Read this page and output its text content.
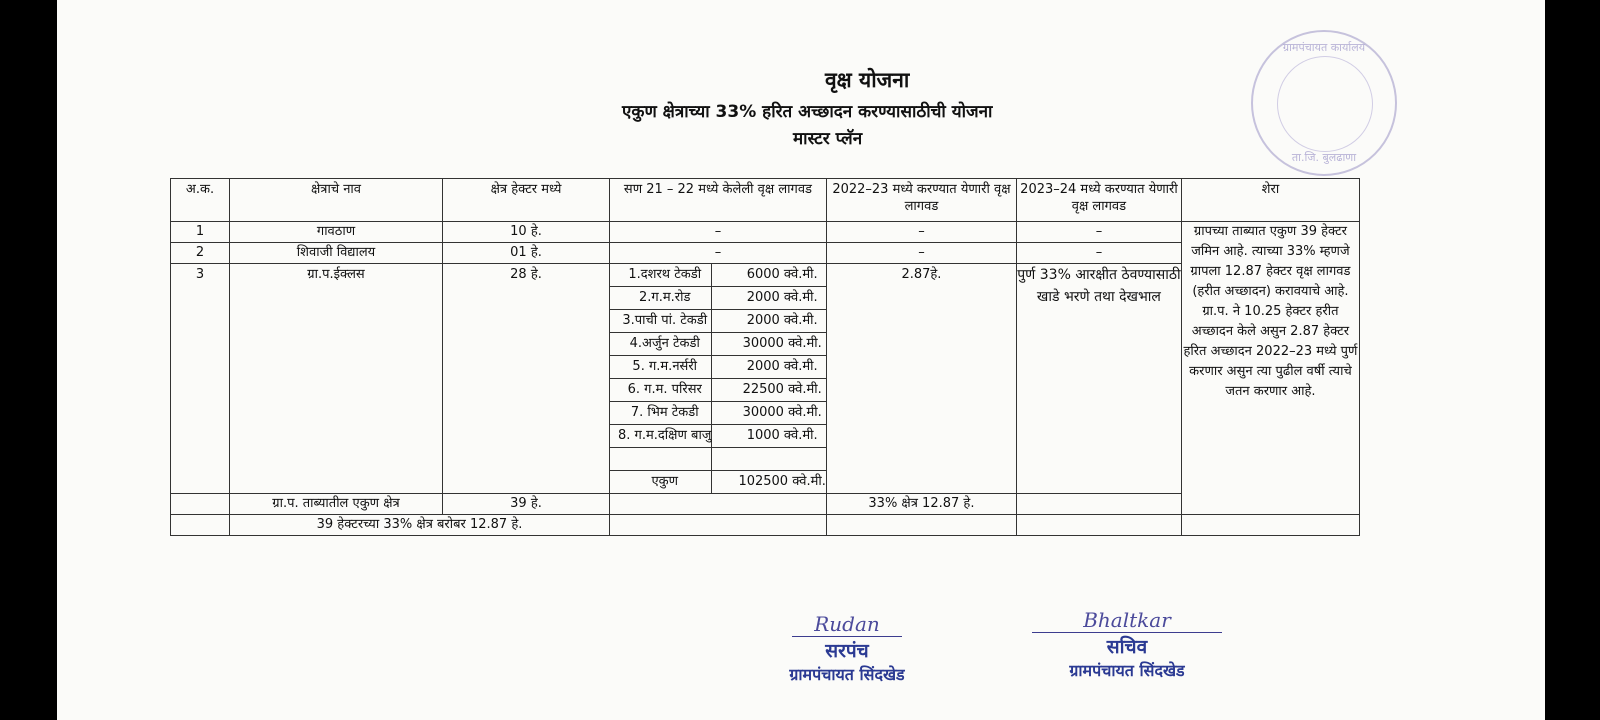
वृक्ष योजना
एकुण क्षेत्राच्या 33% हरित अच्छादन करण्यासाठीची योजना
मास्टर प्लॅन
ग्रामपंचायत कार्यालय
ता.जि. बुलढाणा
अ.क.	क्षेत्राचे नाव	क्षेत्र हेक्टर मध्ये	सण 21 – 22 मध्ये केलेली वृक्ष लागवड		2022–23 मध्ये करण्यात येणारी वृक्ष लागवड	2023–24 मध्ये करण्यात येणारी वृक्ष लागवड	शेरा
1	गावठाण	10 हे.	–		–	–	ग्रापच्या ताब्यात एकुण 39 हेक्टर जमिन आहे. त्याच्या 33% म्हणजे ग्रापला 12.87 हेक्टर वृक्ष लागवड (हरीत अच्छादन) करावयाचे आहे. ग्रा.प. ने 10.25 हेक्टर हरीत अच्छादन केले असुन 2.87 हेक्टर हरित अच्छादन 2022–23 मध्ये पुर्ण करणार असुन त्या पुढील वर्षी त्याचे जतन करणार आहे.
2	शिवाजी विद्यालय	01 हे.	–		–	–	
3	ग्रा.प.ईक्लस	28 हे.	1.दशरथ टेकडी	6000 क्वे.मी.	2.87हे.	पुर्ण 33% आरक्षीत ठेवण्यासाठी खाडे भरणे तथा देखभाल	
			2.ग.म.रोड	2000 क्वे.मी.			
			3.पाची पां. टेकडी	2000 क्वे.मी.			
			4.अर्जुन टेकडी	30000 क्वे.मी.			
			5. ग.म.नर्सरी	2000 क्वे.मी.			
			6. ग.म. परिसर	22500 क्वे.मी.			
			7. भिम टेकडी	30000 क्वे.मी.			
			8. ग.म.दक्षिण बाजु	1000 क्वे.मी.			

			एकुण	102500 क्वे.मी.			
	ग्रा.प. ताब्यातील एकुण क्षेत्र	39 हे.			33% क्षेत्र 12.87 हे.		
	39 हेक्टरच्या 33% क्षेत्र बरोबर 12.87 हे.						
Rudan
सरपंच
ग्रामपंचायत सिंदखेड
Bhaltkar
सचिव
ग्रामपंचायत सिंदखेड
